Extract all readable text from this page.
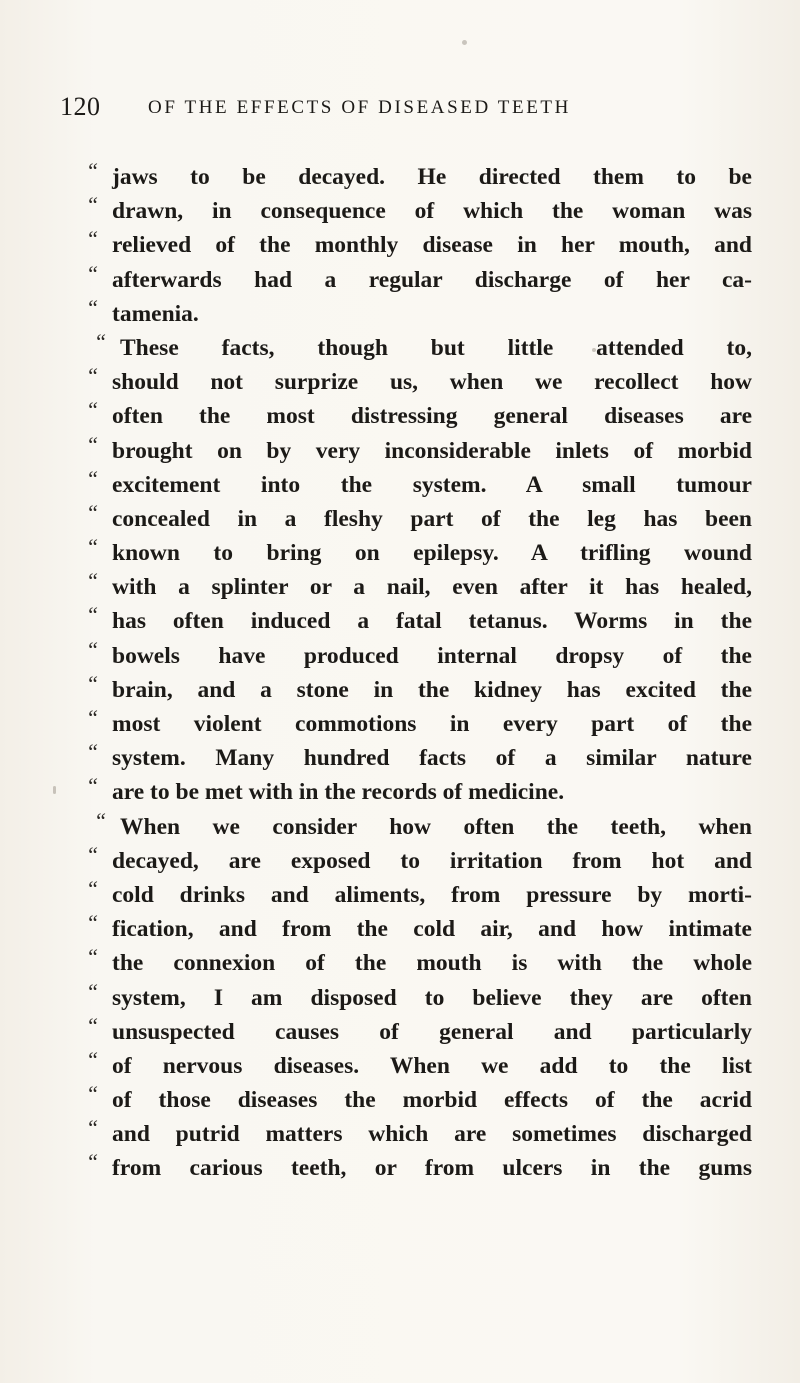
120	OF THE EFFECTS OF DISEASED TEETH
“ jaws to be decayed. He directed them to be
“ drawn, in consequence of which the woman was
“ relieved of the monthly disease in her mouth, and
“ afterwards had a regular discharge of her ca-
“ tamenia.
“ These facts, though but little attended to,
“ should not surprize us, when we recollect how
“ often the most distressing general diseases are
“ brought on by very inconsiderable inlets of morbid
“ excitement into the system. A small tumour
“ concealed in a fleshy part of the leg has been
“ known to bring on epilepsy. A trifling wound
“ with a splinter or a nail, even after it has healed,
“ has often induced a fatal tetanus. Worms in the
“ bowels have produced internal dropsy of the
“ brain, and a stone in the kidney has excited the
“ most violent commotions in every part of the
“ system. Many hundred facts of a similar nature
“ are to be met with in the records of medicine.
“ When we consider how often the teeth, when
“ decayed, are exposed to irritation from hot and
“ cold drinks and aliments, from pressure by morti-
“ fication, and from the cold air, and how intimate
“ the connexion of the mouth is with the whole
“ system, I am disposed to believe they are often
“ unsuspected causes of general and particularly
“ of nervous diseases. When we add to the list
“ of those diseases the morbid effects of the acrid
“ and putrid matters which are sometimes discharged
“ from carious teeth, or from ulcers in the gums
